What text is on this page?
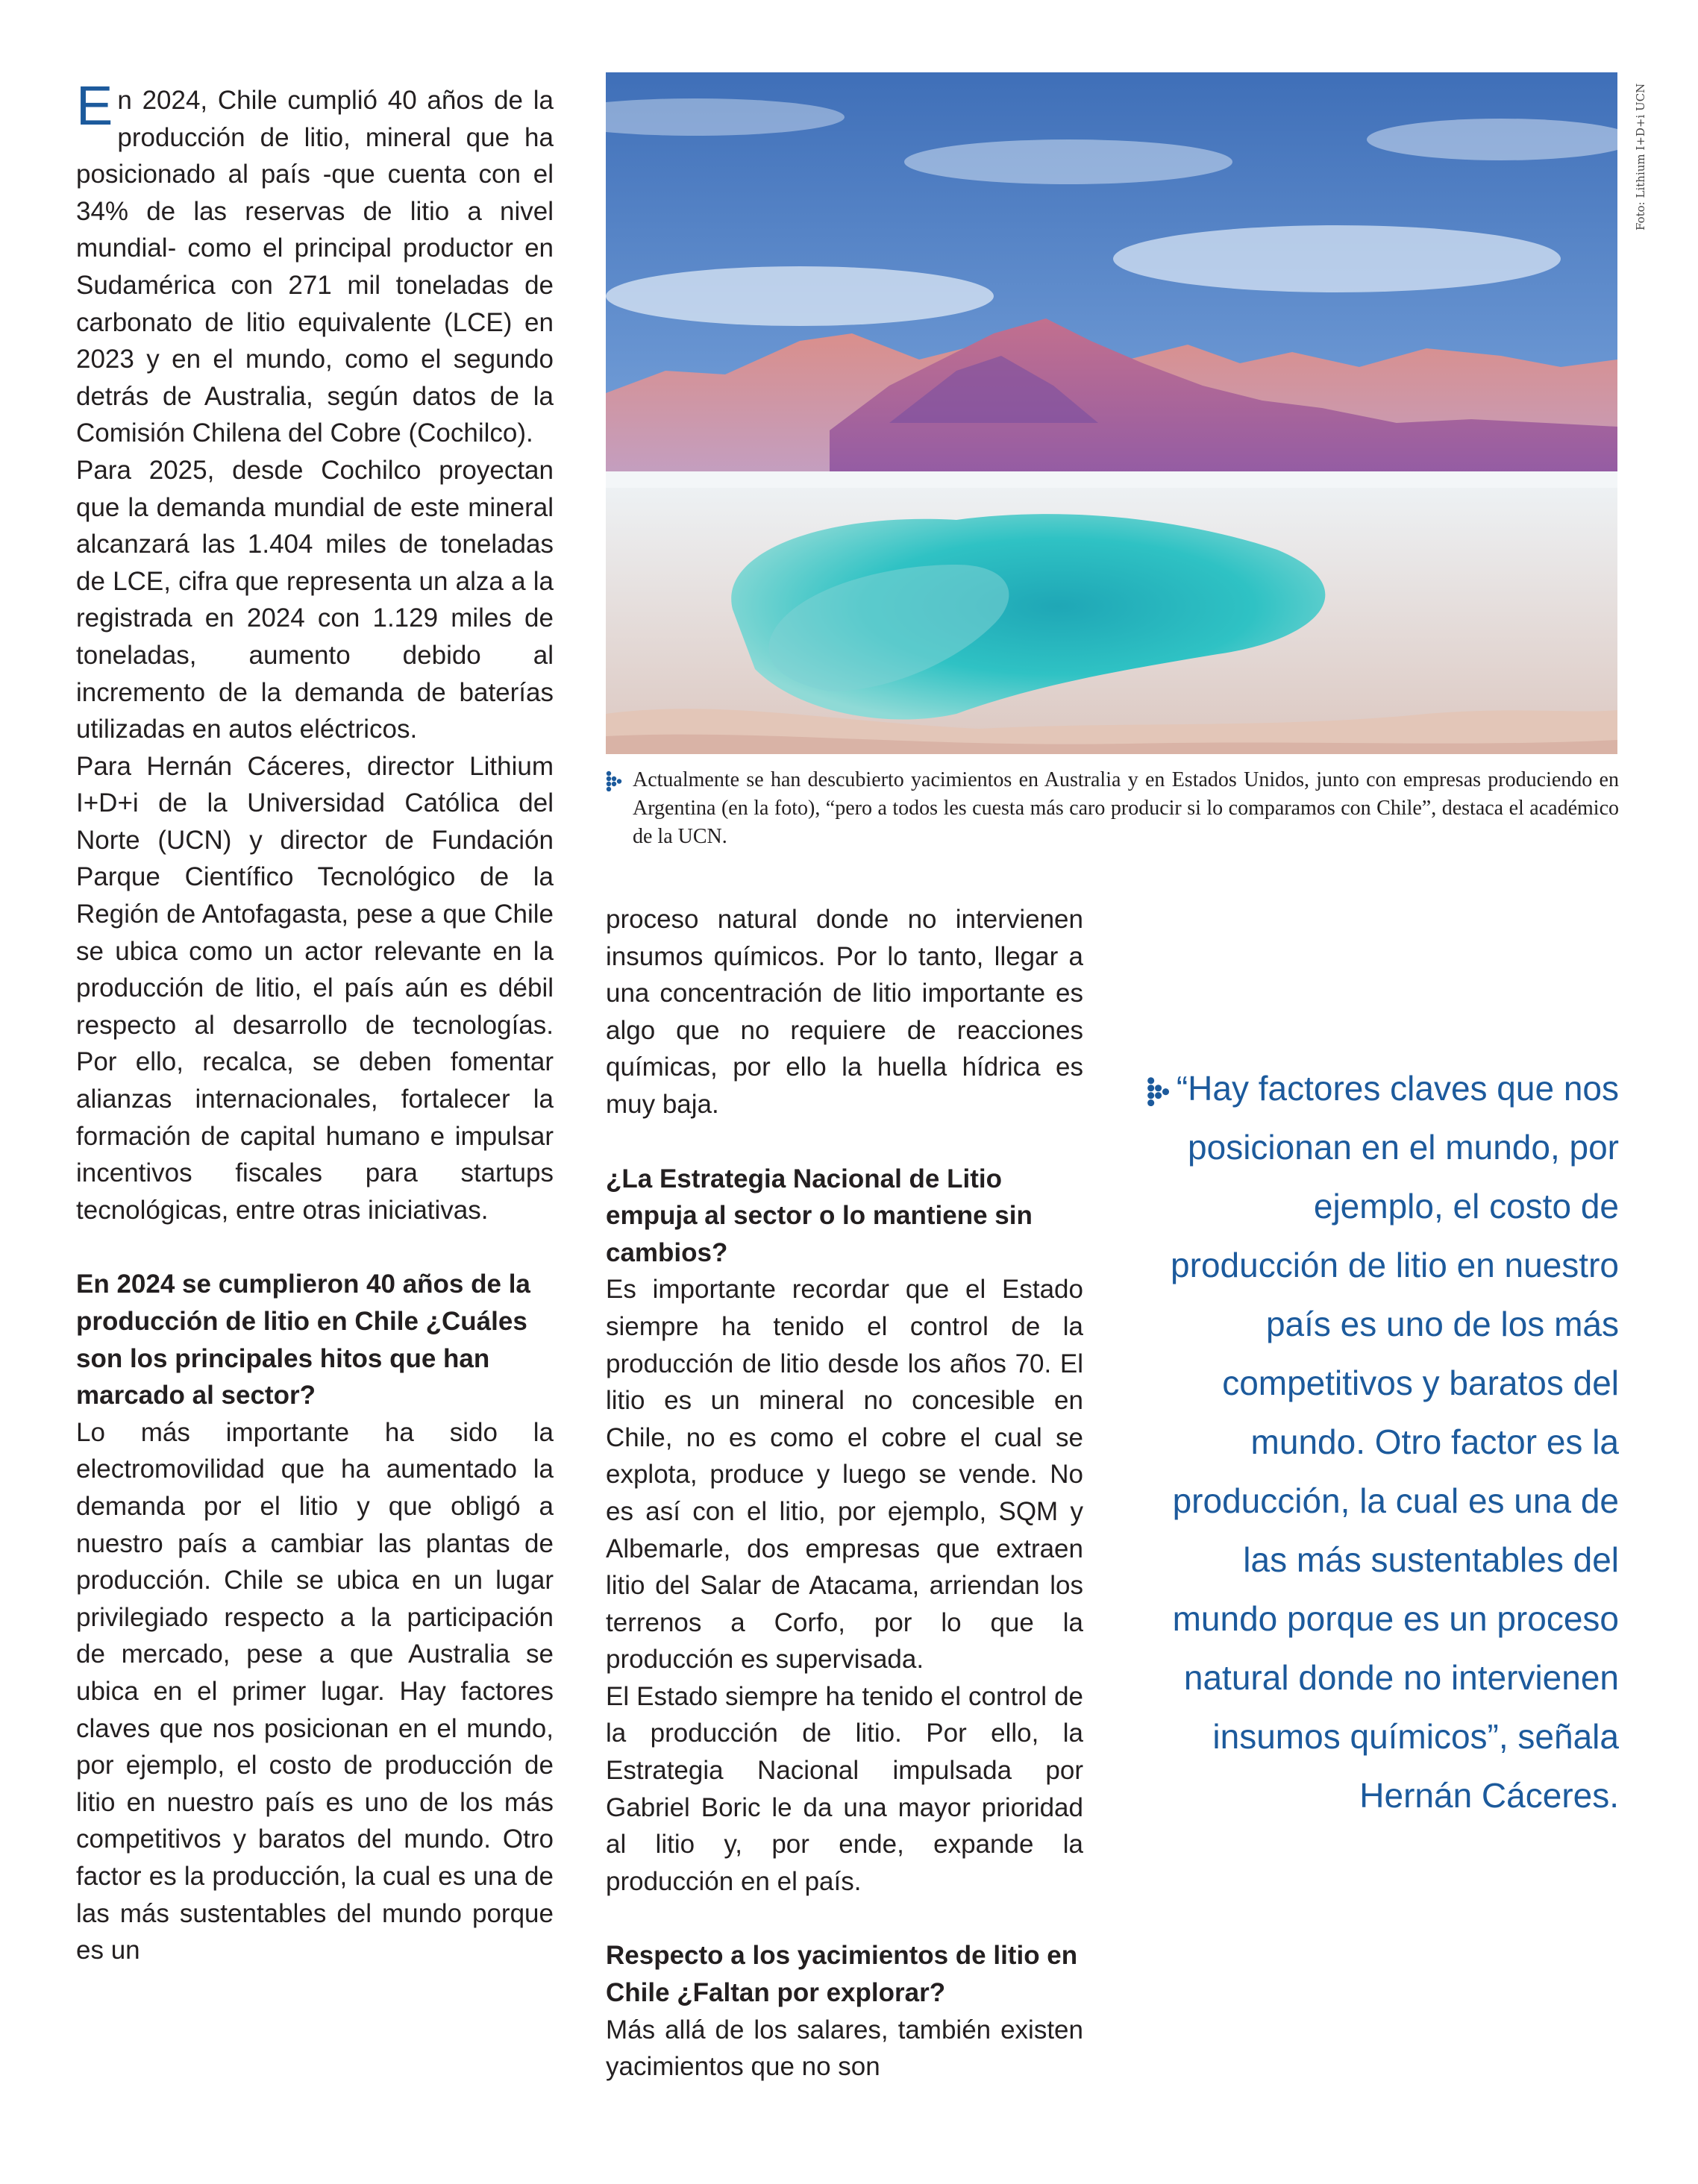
En 2024, Chile cumplió 40 años de la producción de litio, mineral que ha posicionado al país -que cuenta con el 34% de las reservas de litio a nivel mundial- como el principal productor en Sudamérica con 271 mil toneladas de carbonato de litio equivalente (LCE) en 2023 y en el mundo, como el segundo detrás de Australia, según datos de la Comisión Chilena del Cobre (Cochilco).

Para 2025, desde Cochilco proyectan que la demanda mundial de este mineral alcanzará las 1.404 miles de toneladas de LCE, cifra que representa un alza a la registrada en 2024 con 1.129 miles de toneladas, aumento debido al incremento de la demanda de baterías utilizadas en autos eléctricos.

Para Hernán Cáceres, director Lithium I+D+i de la Universidad Católica del Norte (UCN) y director de Fundación Parque Científico Tecnológico de la Región de Antofagasta, pese a que Chile se ubica como un actor relevante en la producción de litio, el país aún es débil respecto al desarrollo de tecnologías. Por ello, recalca, se deben fomentar alianzas internacionales, fortalecer la formación de capital humano e impulsar incentivos fiscales para startups tecnológicas, entre otras iniciativas.

En 2024 se cumplieron 40 años de la producción de litio en Chile ¿Cuáles son los principales hitos que han marcado al sector?

Lo más importante ha sido la electromovilidad que ha aumentado la demanda por el litio y que obligó a nuestro país a cambiar las plantas de producción. Chile se ubica en un lugar privilegiado respecto a la participación de mercado, pese a que Australia se ubica en el primer lugar. Hay factores claves que nos posicionan en el mundo, por ejemplo, el costo de producción de litio en nuestro país es uno de los más competitivos y baratos del mundo. Otro factor es la producción, la cual es una de las más sustentables del mundo porque es un

Foto: Lithium I+D+i UCN

Actualmente se han descubierto yacimientos en Australia y en Estados Unidos, junto con empresas produciendo en Argentina (en la foto), “pero a todos les cuesta más caro producir si lo comparamos con Chile”, destaca el académico de la UCN.

proceso natural donde no intervienen insumos químicos. Por lo tanto, llegar a una concentración de litio importante es algo que no requiere de reacciones químicas, por ello la huella hídrica es muy baja.

¿La Estrategia Nacional de Litio empuja al sector o lo mantiene sin cambios?

Es importante recordar que el Estado siempre ha tenido el control de la producción de litio desde los años 70. El litio es un mineral no concesible en Chile, no es como el cobre el cual se explota, produce y luego se vende. No es así con el litio, por ejemplo, SQM y Albemarle, dos empresas que extraen litio del Salar de Atacama, arriendan los terrenos a Corfo, por lo que la producción es supervisada.

El Estado siempre ha tenido el control de la producción de litio. Por ello, la Estrategia Nacional impulsada por Gabriel Boric le da una mayor prioridad al litio y, por ende, expande la producción en el país.

Respecto a los yacimientos de litio en Chile ¿Faltan por explorar?

Más allá de los salares, también existen yacimientos que no son

“Hay factores claves que nos posicionan en el mundo, por ejemplo, el costo de producción de litio en nuestro país es uno de los más competitivos y baratos del mundo. Otro factor es la producción, la cual es una de las más sustentables del mundo porque es un proceso natural donde no intervienen insumos químicos”, señala Hernán Cáceres.
